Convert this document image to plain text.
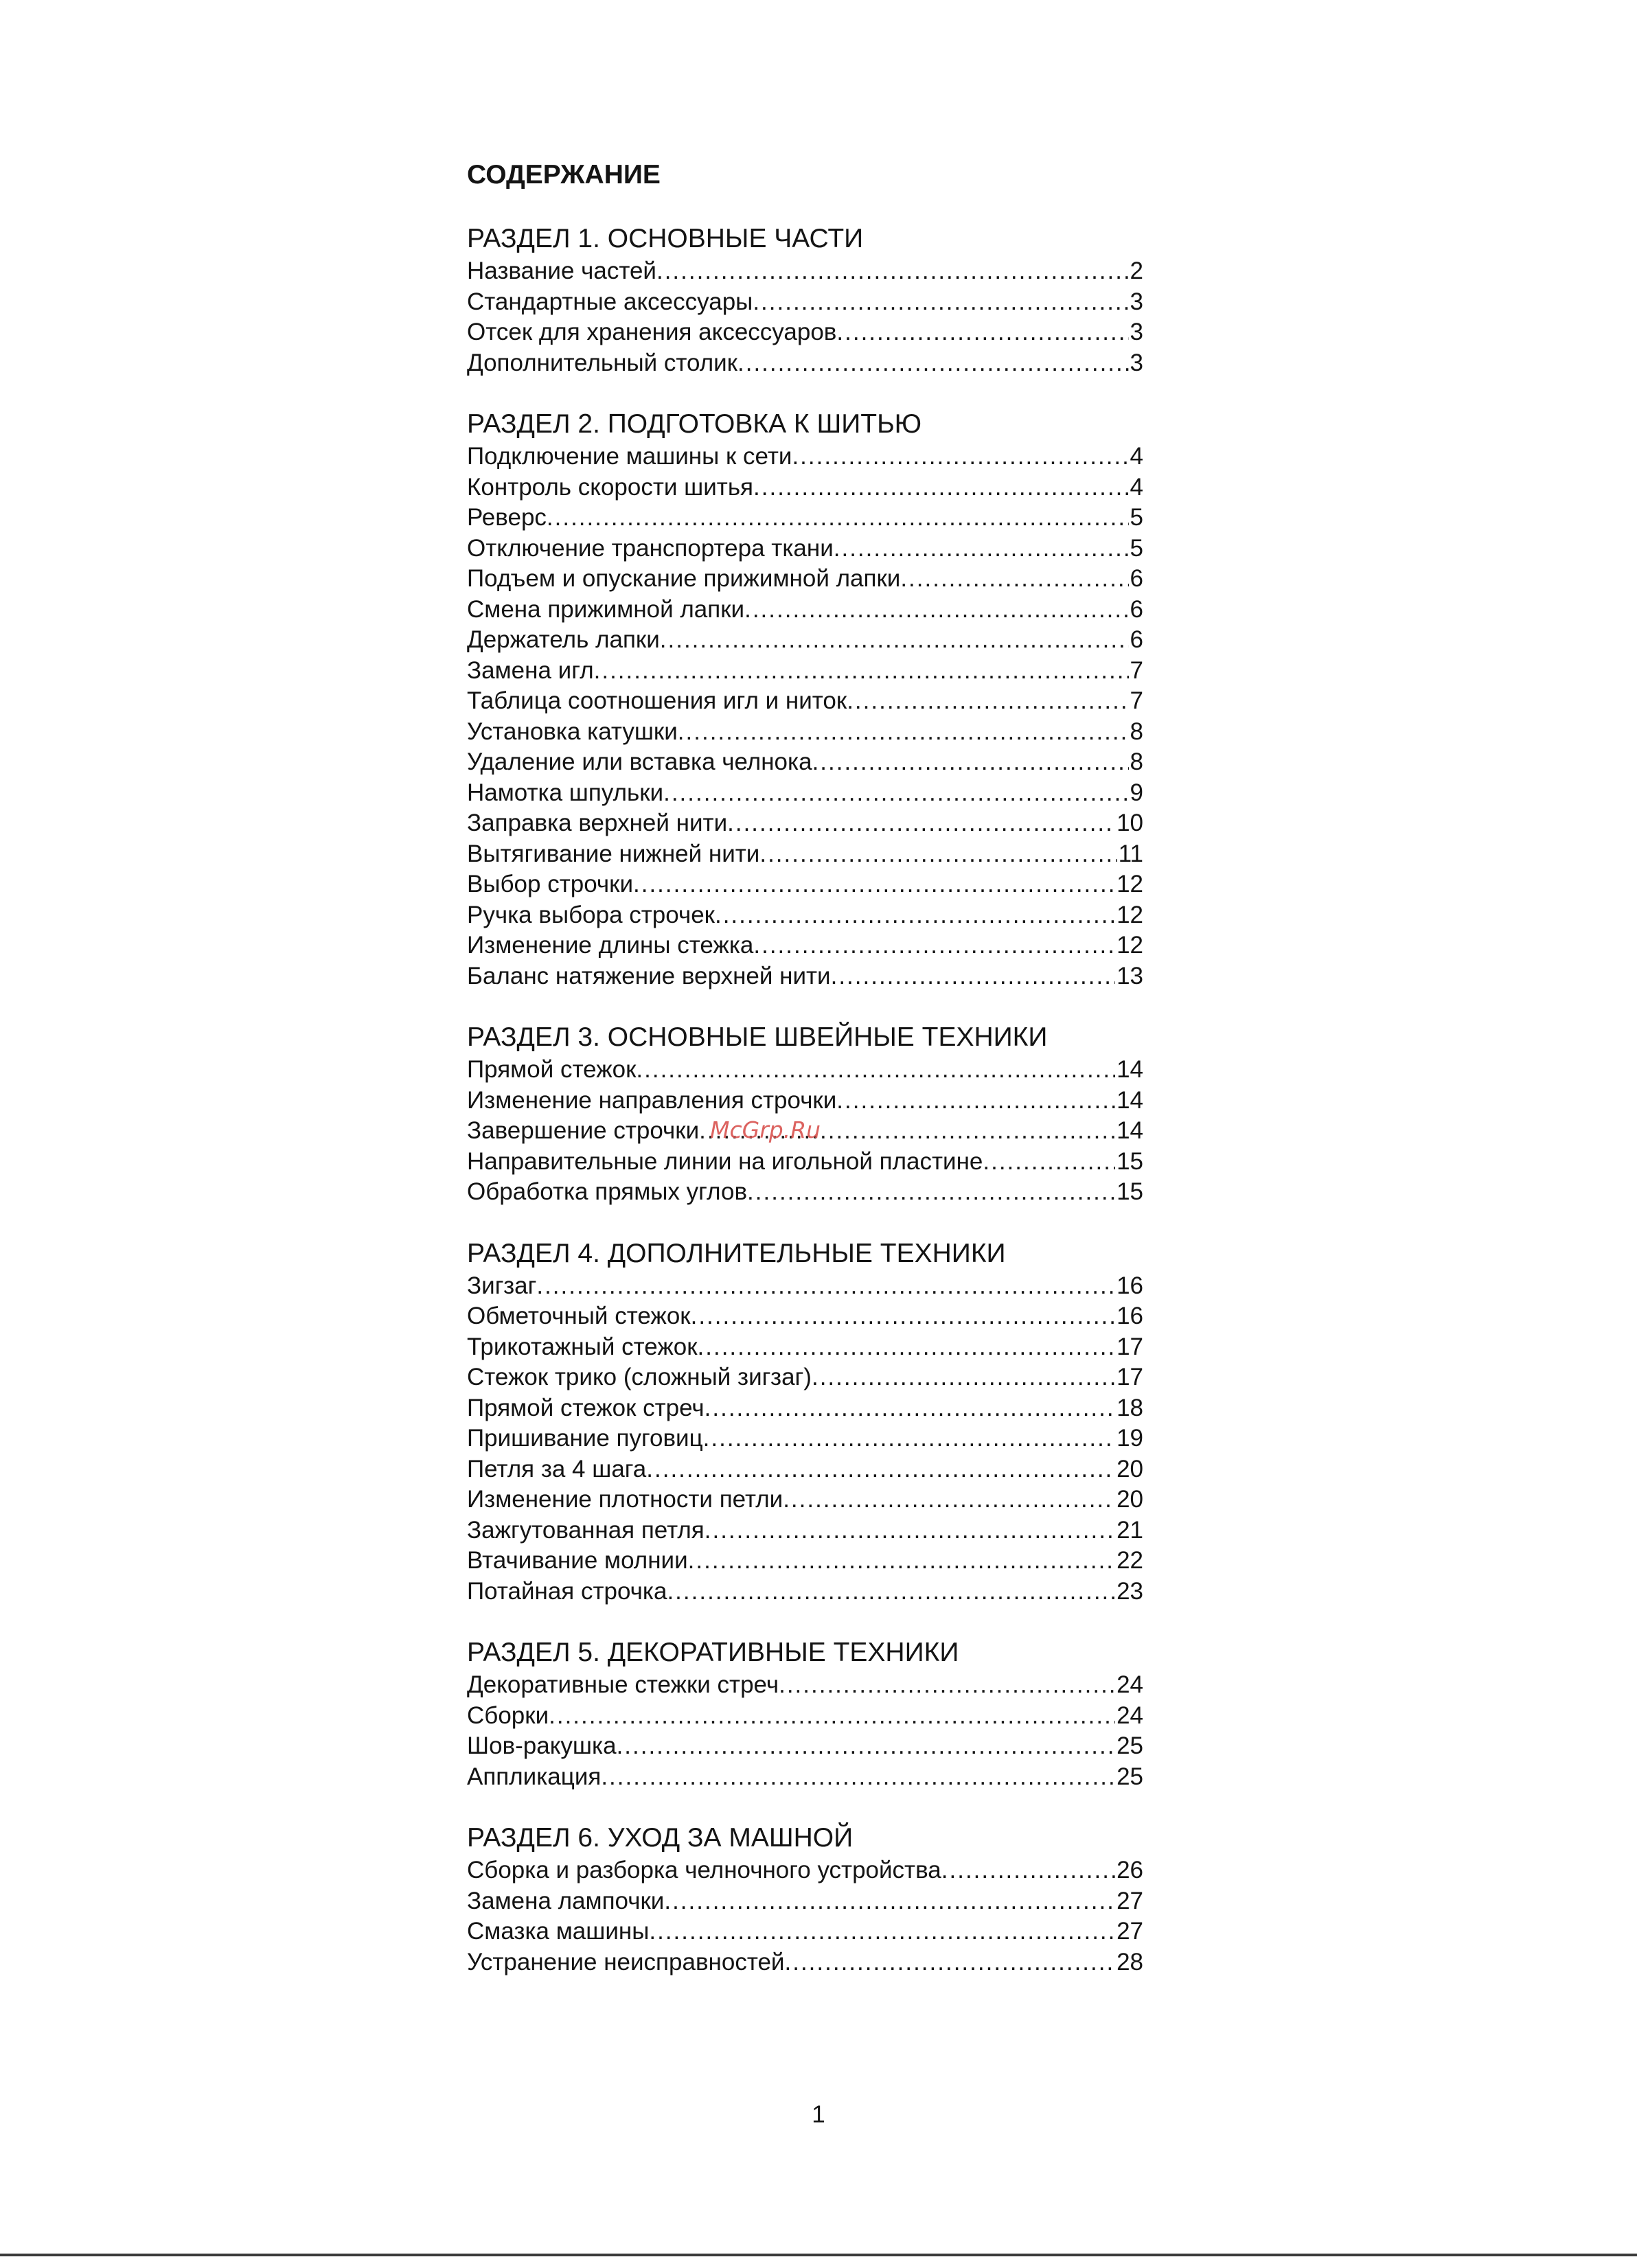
СОДЕРЖАНИЕ
РАЗДЕЛ 1. ОСНОВНЫЕ ЧАСТИ
Название частей .....	2
Стандартные аксессуары .....	3
Отсек для хранения аксессуаров .....	3
Дополнительный столик .....	3
РАЗДЕЛ 2. ПОДГОТОВКА К ШИТЬЮ
Подключение машины к сети .....	4
Контроль скорости шитья .....	4
Реверс .....	5
Отключение транспортера ткани .....	5
Подъем и опускание прижимной лапки .....	6
Смена прижимной лапки .....	6
Держатель лапки .....	6
Замена игл .....	7
Таблица соотношения игл и ниток .....	7
Установка катушки .....	8
Удаление или вставка челнока .....	8
Намотка шпульки .....	9
Заправка верхней нити .....	10
Вытягивание нижней нити .....	11
Выбор строчки .....	12
Ручка выбора строчек .....	12
Изменение длины стежка .....	12
Баланс натяжение верхней нити .....	13
РАЗДЕЛ 3. ОСНОВНЫЕ ШВЕЙНЫЕ ТЕХНИКИ
Прямой стежок .....	14
Изменение направления строчки .....	14
Завершение строчки .....	14
Направительные линии на игольной пластине .....	15
Обработка прямых углов .....	15
РАЗДЕЛ 4. ДОПОЛНИТЕЛЬНЫЕ ТЕХНИКИ
Зигзаг .....	16
Обметочный стежок .....	16
Трикотажный стежок .....	17
Стежок трико (сложный зигзаг) .....	17
Прямой стежок стреч .....	18
Пришивание пуговиц .....	19
Петля за 4 шага .....	20
Изменение плотности петли .....	20
Зажгутованная петля .....	21
Втачивание молнии .....	22
Потайная строчка .....	23
РАЗДЕЛ 5. ДЕКОРАТИВНЫЕ ТЕХНИКИ
Декоративные стежки стреч .....	24
Сборки .....	24
Шов-ракушка .....	25
Аппликация .....	25
РАЗДЕЛ 6. УХОД ЗА МАШНОЙ
Сборка и разборка челночного устройства .....	26
Замена лампочки .....	27
Смазка машины .....	27
Устранение неисправностей .....	28
McGrp.Ru
1
